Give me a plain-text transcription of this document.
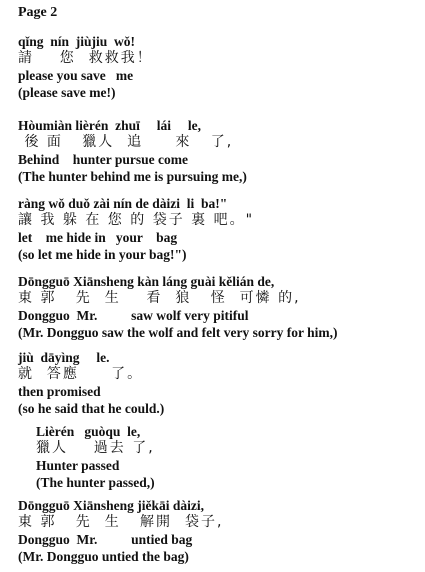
Page 2
qǐng  nín  jiùjiu  wǒ!
請    您  救救我！
please you save   me
(please save me!)
Hòumiàn lièrén  zhuī     lái     le,
後 面   獵人  追     來   了,
Behind    hunter pursue come
(The hunter behind me is pursuing me,)
ràng wǒ duǒ zài nín de dàizi  li  ba!"
讓 我 躲 在 您 的 袋子 裏 吧。"
let    me hide in   your    bag
(so let me hide in your bag!")
Dōngguō Xiānsheng kàn láng guài kělián de,
東 郭   先  生    看  狼   怪  可憐 的,
Dongguo  Mr.          saw wolf very pitiful
(Mr. Dongguo saw the wolf and felt very sorry for him,)
jiù  dāyìng     le.
就  答應     了。
then promised
(so he said that he could.)
Lièrén   guòqu  le,
獵人    過去 了,
Hunter passed
(The hunter passed,)
Dōngguō Xiānsheng jiěkāi dàizi,
東 郭   先  生   解開  袋子,
Dongguo  Mr.          untied bag
(Mr. Dongguo untied the bag)
